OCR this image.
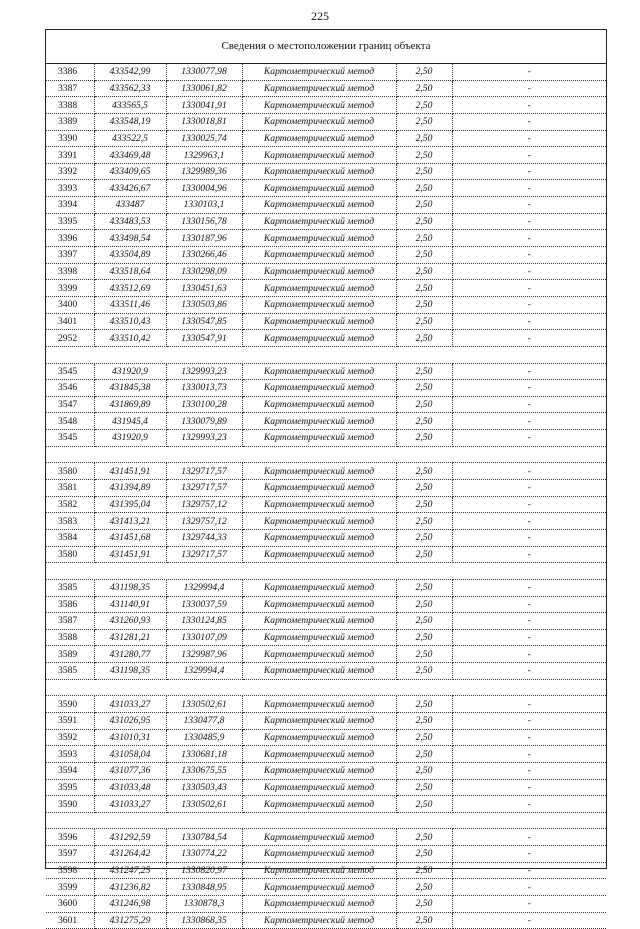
225
Сведения о местоположении границ объекта
3386	433542,99	1330077,98	Картометрический метод	2,50	-
3387	433562,33	1330061,82	Картометрический метод	2,50	-
3388	433565,5	1330041,91	Картометрический метод	2,50	-
3389	433548,19	1330018,81	Картометрический метод	2,50	-
3390	433522,5	1330025,74	Картометрический метод	2,50	-
3391	433469,48	1329963,1	Картометрический метод	2,50	-
3392	433409,65	1329989,36	Картометрический метод	2,50	-
3393	433426,67	1330004,96	Картометрический метод	2,50	-
3394	433487	1330103,1	Картометрический метод	2,50	-
3395	433483,53	1330156,78	Картометрический метод	2,50	-
3396	433498,54	1330187,96	Картометрический метод	2,50	-
3397	433504,89	1330266,46	Картометрический метод	2,50	-
3398	433518,64	1330298,09	Картометрический метод	2,50	-
3399	433512,69	1330451,63	Картометрический метод	2,50	-
3400	433511,46	1330503,86	Картометрический метод	2,50	-
3401	433510,43	1330547,85	Картометрический метод	2,50	-
2952	433510,42	1330547,91	Картометрический метод	2,50	-

3545	431920,9	1329993,23	Картометрический метод	2,50	-
3546	431845,38	1330013,73	Картометрический метод	2,50	-
3547	431869,89	1330100,28	Картометрический метод	2,50	-
3548	431945,4	1330079,89	Картометрический метод	2,50	-
3545	431920,9	1329993,23	Картометрический метод	2,50	-

3580	431451,91	1329717,57	Картометрический метод	2,50	-
3581	431394,89	1329717,57	Картометрический метод	2,50	-
3582	431395,04	1329757,12	Картометрический метод	2,50	-
3583	431413,21	1329757,12	Картометрический метод	2,50	-
3584	431451,68	1329744,33	Картометрический метод	2,50	-
3580	431451,91	1329717,57	Картометрический метод	2,50	-

3585	431198,35	1329994,4	Картометрический метод	2,50	-
3586	431140,91	1330037,59	Картометрический метод	2,50	-
3587	431260,93	1330124,85	Картометрический метод	2,50	-
3588	431281,21	1330107,09	Картометрический метод	2,50	-
3589	431280,77	1329987,96	Картометрический метод	2,50	-
3585	431198,35	1329994,4	Картометрический метод	2,50	-

3590	431033,27	1330502,61	Картометрический метод	2,50	-
3591	431026,95	1330477,8	Картометрический метод	2,50	-
3592	431010,31	1330485,9	Картометрический метод	2,50	-
3593	431058,04	1330681,18	Картометрический метод	2,50	-
3594	431077,36	1330675,55	Картометрический метод	2,50	-
3595	431033,48	1330503,43	Картометрический метод	2,50	-
3590	431033,27	1330502,61	Картометрический метод	2,50	-

3596	431292,59	1330784,54	Картометрический метод	2,50	-
3597	431264,42	1330774,22	Картометрический метод	2,50	-
3598	431247,25	1330820,97	Картометрический метод	2,50	-
3599	431236,82	1330848,95	Картометрический метод	2,50	-
3600	431246,98	1330878,3	Картометрический метод	2,50	-
3601	431275,29	1330868,35	Картометрический метод	2,50	-
